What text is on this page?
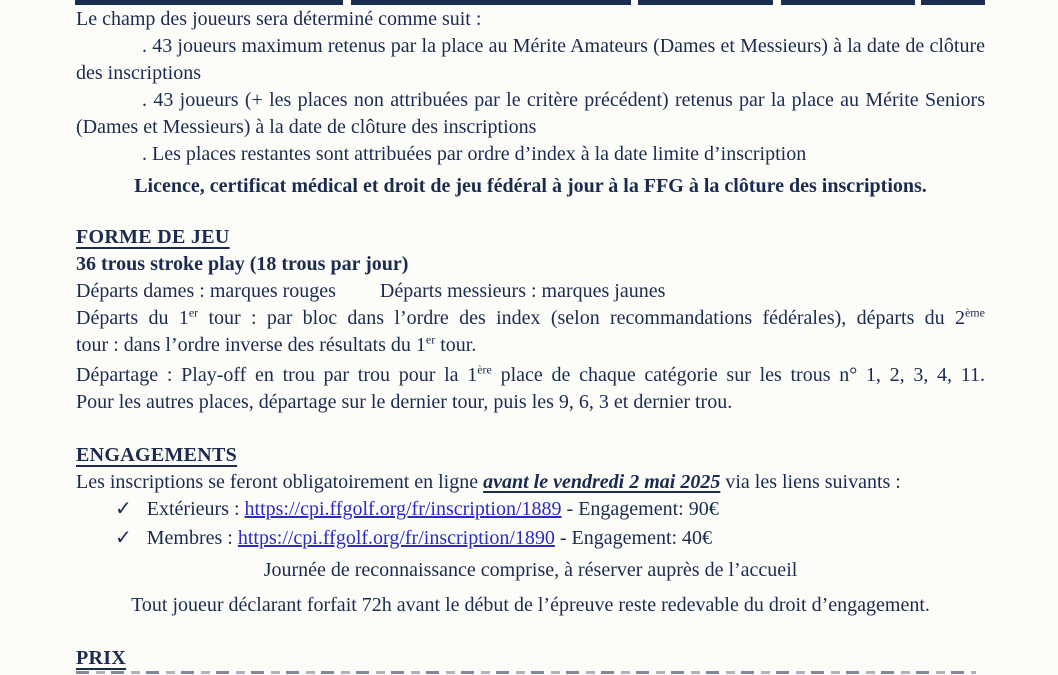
Le champ des joueurs sera déterminé comme suit :

. 43 joueurs maximum retenus par la place au Mérite Amateurs (Dames et Messieurs) à la date de clôture des inscriptions

. 43 joueurs (+ les places non attribuées par le critère précédent) retenus par la place au Mérite Seniors (Dames et Messieurs) à la date de clôture des inscriptions

. Les places restantes sont attribuées par ordre d’index à la date limite d’inscription

Licence, certificat médical et droit de jeu fédéral à jour à la FFG à la clôture des inscriptions.

FORME DE JEU

36 trous stroke play (18 trous par jour)

Départs dames : marques rouges Départs messieurs : marques jaunes

Départs du 1er tour : par bloc dans l’ordre des index (selon recommandations fédérales), départs du 2ème

tour : dans l’ordre inverse des résultats du 1er tour.

Départage : Play-off en trou par trou pour la 1ère place de chaque catégorie sur les trous n° 1, 2, 3, 4, 11.

Pour les autres places, départage sur le dernier tour, puis les 9, 6, 3 et dernier trou.

ENGAGEMENTS

Les inscriptions se feront obligatoirement en ligne avant le vendredi 2 mai 2025 via les liens suivants :

✓ Extérieurs : https://cpi.ffgolf.org/fr/inscription/1889 - Engagement: 90€

✓ Membres : https://cpi.ffgolf.org/fr/inscription/1890 - Engagement: 40€

Journée de reconnaissance comprise, à réserver auprès de l’accueil

Tout joueur déclarant forfait 72h avant le début de l’épreuve reste redevable du droit d’engagement.

PRIX
